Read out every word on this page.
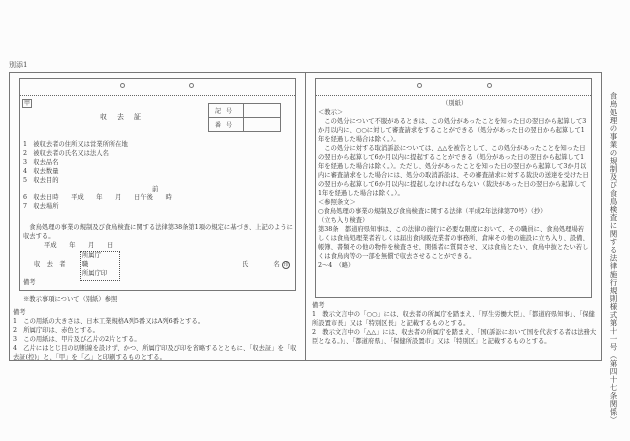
別添1
甲
収去証
記号	
番号	
1　被収去者の住所又は営業所所在地
2　被収去者の氏名又は法人名
3　収去品名
4　収去数量
5　収去目的
前
6　収去日時　　平成　　年　　月　　日午後　　時
7　収去場所
　食鳥処理の事業の規制及び食鳥検査に関する法律第38条第1項の規定に基づき、上記のように収去する。
平成　　年　　月　　日
所属庁
職
所属庁印
収　去　者	氏　　　　名 印
備考
※教示事項について（別紙）参照
備考
1　この用紙の大きさは、日本工業規格A列5番又はA列6番とする。
2　所属庁印は、赤色とする。
3　この用紙は、甲片及び乙片の2片とする。
4　乙片にはとじ目の切断線を設けず、かつ、所属庁印及び印を省略するとともに、「収去証」を「収去証(控)」と、「甲」を「乙」と印刷するものとする。
（別紙）
＜教示＞
　この処分について不服があるときは、この処分があったことを知った日の翌日から起算して3か月以内に、○○に対して審査請求をすることができる（処分があった日の翌日から起算して1年を経過した場合は除く。）。
　この処分に対する取消訴訟については、△△を被告として、この処分があったことを知った日の翌日から起算して6か月以内に提起することができる（処分があった日の翌日から起算して1年を経過した場合は除く。）。ただし、処分があったことを知った日の翌日から起算して3か月以内に審査請求をした場合には、処分の取消訴訟は、その審査請求に対する裁決の送達を受けた日の翌日から起算して6か月以内に提起しなければならない（裁決があった日の翌日から起算して1年を経過した場合は除く。）。
＜参照条文＞
○食鳥処理の事業の規制及び食鳥検査に関する法律（平成2年法律第70号）（抄）
（立ち入り検査）
第38条　都道府県知事は、この法律の施行に必要な限度において、その職員に、食鳥処理場若しくは食鳥処理業者若しくは届出食肉販売業者の事務所、倉庫その他の施設に立ち入り、設備、帳簿、書類その他の物件を検査させ、関係者に質問させ、又は食鳥とたい、食鳥中抜とたい若しくは食鳥肉等の一部を無償で収去させることができる。
2～4　（略）
備考
1　教示文言中の「○○」には、収去者の所属庁を踏まえ、「厚生労働大臣」、「都道府県知事」、「保健所設置市長」又は「特別区長」と記載するものとする。
2　教示文言中の「△△」には、収去者の所属庁を踏まえ、「国(訴訟において国を代表する者は法務大臣となる。)」、「都道府県」、「保健所設置市」又は「特別区」と記載するものとする。	食鳥処理の事業の規制及び食鳥検査に関する法律施行規則様式第十一号（第四十七条関係）
